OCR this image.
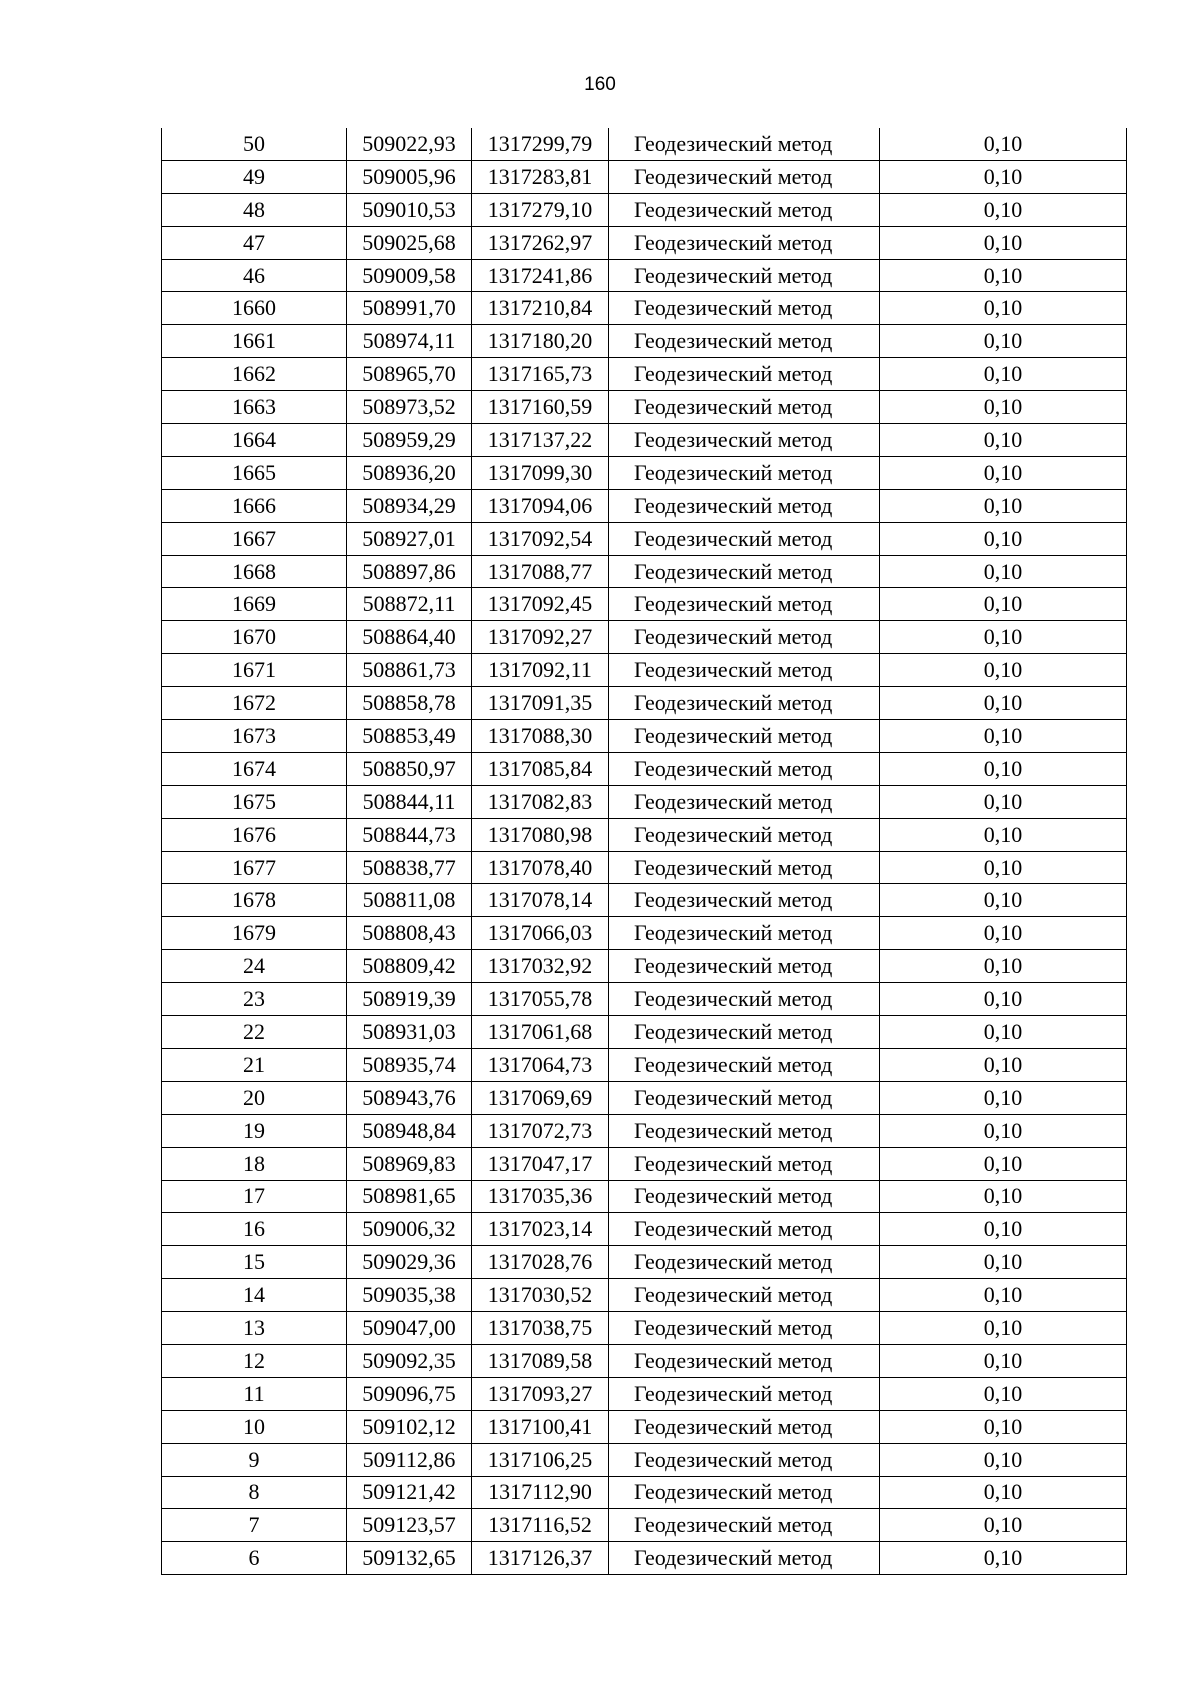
160
50	509022,93	1317299,79	Геодезический метод	0,10
49	509005,96	1317283,81	Геодезический метод	0,10
48	509010,53	1317279,10	Геодезический метод	0,10
47	509025,68	1317262,97	Геодезический метод	0,10
46	509009,58	1317241,86	Геодезический метод	0,10
1660	508991,70	1317210,84	Геодезический метод	0,10
1661	508974,11	1317180,20	Геодезический метод	0,10
1662	508965,70	1317165,73	Геодезический метод	0,10
1663	508973,52	1317160,59	Геодезический метод	0,10
1664	508959,29	1317137,22	Геодезический метод	0,10
1665	508936,20	1317099,30	Геодезический метод	0,10
1666	508934,29	1317094,06	Геодезический метод	0,10
1667	508927,01	1317092,54	Геодезический метод	0,10
1668	508897,86	1317088,77	Геодезический метод	0,10
1669	508872,11	1317092,45	Геодезический метод	0,10
1670	508864,40	1317092,27	Геодезический метод	0,10
1671	508861,73	1317092,11	Геодезический метод	0,10
1672	508858,78	1317091,35	Геодезический метод	0,10
1673	508853,49	1317088,30	Геодезический метод	0,10
1674	508850,97	1317085,84	Геодезический метод	0,10
1675	508844,11	1317082,83	Геодезический метод	0,10
1676	508844,73	1317080,98	Геодезический метод	0,10
1677	508838,77	1317078,40	Геодезический метод	0,10
1678	508811,08	1317078,14	Геодезический метод	0,10
1679	508808,43	1317066,03	Геодезический метод	0,10
24	508809,42	1317032,92	Геодезический метод	0,10
23	508919,39	1317055,78	Геодезический метод	0,10
22	508931,03	1317061,68	Геодезический метод	0,10
21	508935,74	1317064,73	Геодезический метод	0,10
20	508943,76	1317069,69	Геодезический метод	0,10
19	508948,84	1317072,73	Геодезический метод	0,10
18	508969,83	1317047,17	Геодезический метод	0,10
17	508981,65	1317035,36	Геодезический метод	0,10
16	509006,32	1317023,14	Геодезический метод	0,10
15	509029,36	1317028,76	Геодезический метод	0,10
14	509035,38	1317030,52	Геодезический метод	0,10
13	509047,00	1317038,75	Геодезический метод	0,10
12	509092,35	1317089,58	Геодезический метод	0,10
11	509096,75	1317093,27	Геодезический метод	0,10
10	509102,12	1317100,41	Геодезический метод	0,10
9	509112,86	1317106,25	Геодезический метод	0,10
8	509121,42	1317112,90	Геодезический метод	0,10
7	509123,57	1317116,52	Геодезический метод	0,10
6	509132,65	1317126,37	Геодезический метод	0,10
